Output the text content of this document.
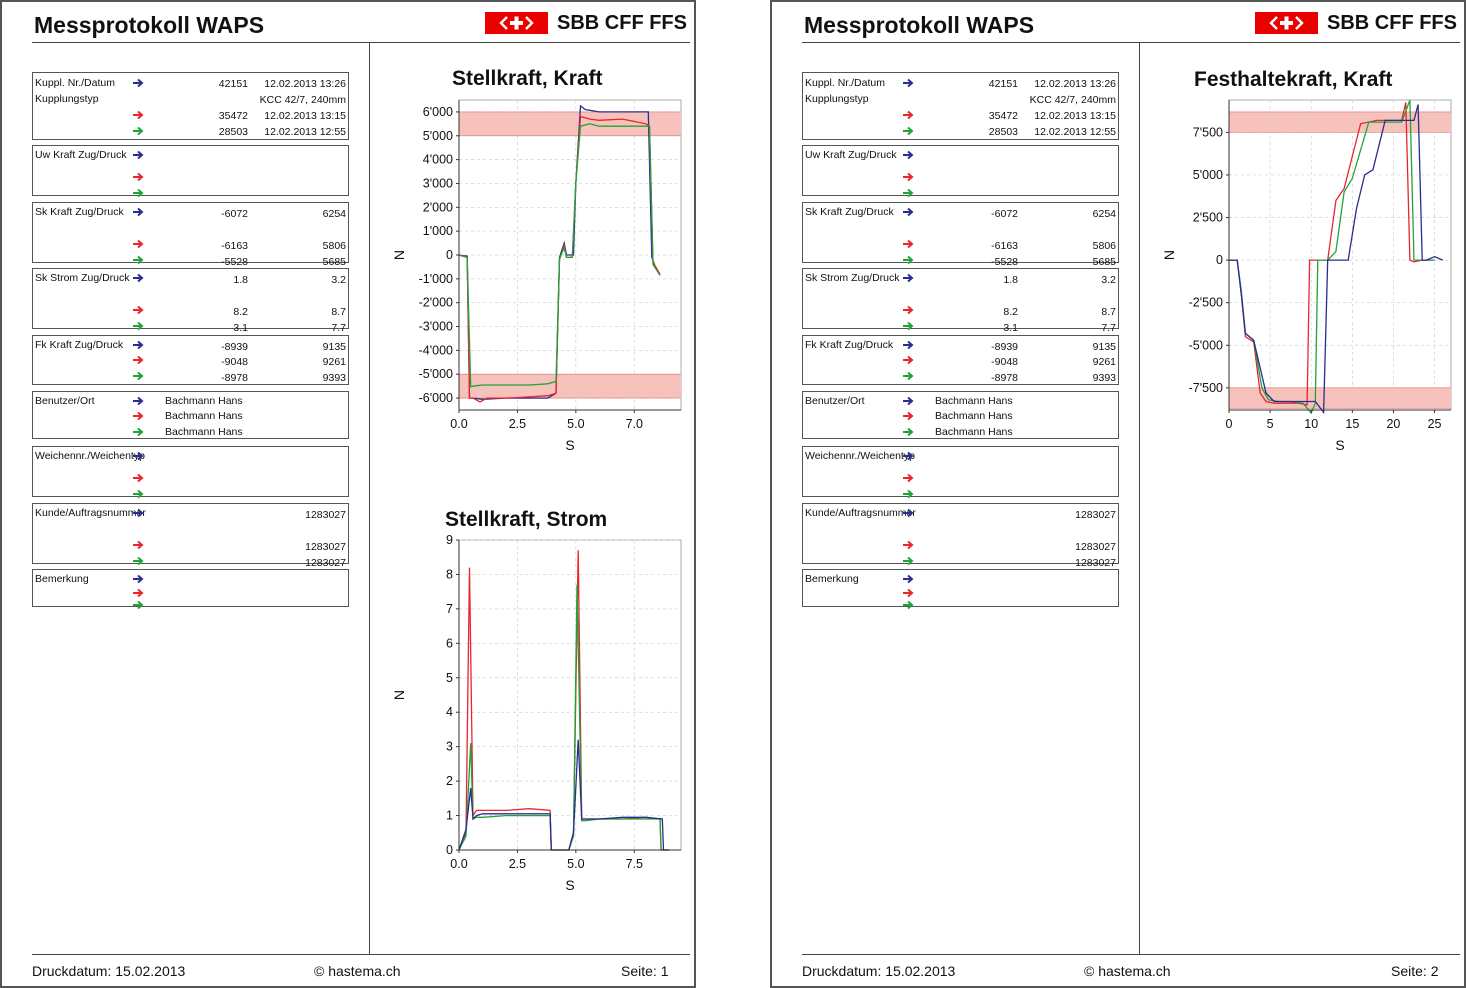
Messprotokoll WAPS	SBB CFF FFS
Kuppl. Nr./Datum	42151 12.02.2013 13:26
Kupplungstyp	KCC 42/7, 240mm
35472 12.02.2013 13:15
28503 12.02.2013 12:55
Uw Kraft Zug/Druck
Sk Kraft Zug/Druck	-6072	6254
-6163	5806
-5528	5685
Sk Strom Zug/Druck	1.8	3.2
8.2	8.7
3.1	7.7
Fk Kraft Zug/Druck	-8939	9135
-9048	9261
-8978	9393
Benutzer/Ort	Bachmann Hans
Bachmann Hans
Bachmann Hans
Weichennr./Weichentyp
Kunde/Auftragsnummer	1283027
1283027
1283027
Bemerkung
Stellkraft, Kraft
6'000
5'000
4'000
3'000
2'000
1'000
0
-1'000
-2'000
-3'000
-4'000
-5'000
-6'000
0.0	2.5	5.0	7.0
S
N
Stellkraft, Strom
0
1
2
3
4
5
6
7
8
9
0.0	2.5	5.0	7.5
S
N
Druckdatum: 15.02.2013	© hastema.ch	Seite: 1
Messprotokoll WAPS	SBB CFF FFS
Kuppl. Nr./Datum	42151 12.02.2013 13:26
Kupplungstyp	KCC 42/7, 240mm
35472 12.02.2013 13:15
28503 12.02.2013 12:55
Uw Kraft Zug/Druck
Sk Kraft Zug/Druck	-6072	6254
-6163	5806
-5528	5685
Sk Strom Zug/Druck	1.8	3.2
8.2	8.7
3.1	7.7
Fk Kraft Zug/Druck	-8939	9135
-9048	9261
-8978	9393
Benutzer/Ort	Bachmann Hans
Bachmann Hans
Bachmann Hans
Weichennr./Weichentyp
Kunde/Auftragsnummer	1283027
1283027
1283027
Bemerkung
Festhaltekraft, Kraft
7'500
5'000
2'500
0
-2'500
-5'000
-7'500
0	5 10 15 20 25
S
N
Druckdatum: 15.02.2013	© hastema.ch	Seite: 2
